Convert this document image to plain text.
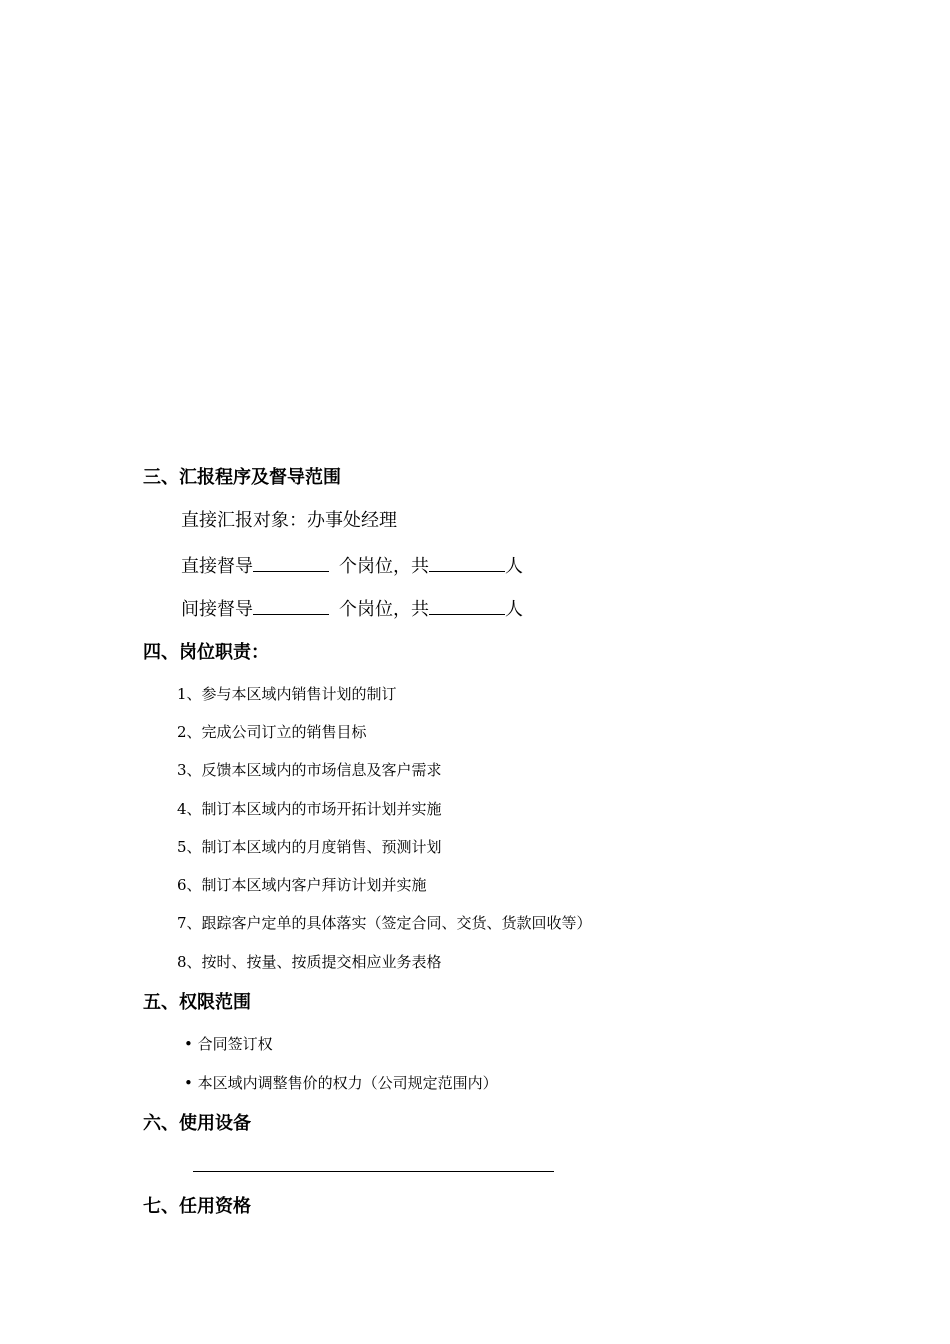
三、汇报程序及督导范围
直接汇报对象：办事处经理
直接督导	个岗位，共	人
间接督导	个岗位，共	人
四、岗位职责：
1、参与本区域内销售计划的制订
2、完成公司订立的销售目标
3、反馈本区域内的市场信息及客户需求
4、制订本区域内的市场开拓计划并实施
5、制订本区域内的月度销售、预测计划
6、制订本区域内客户拜访计划并实施
7、跟踪客户定单的具体落实（签定合同、交货、货款回收等）
8、按时、按量、按质提交相应业务表格
五、权限范围
• 合同签订权
• 本区域内调整售价的权力（公司规定范围内）
六、使用设备
七、任用资格
